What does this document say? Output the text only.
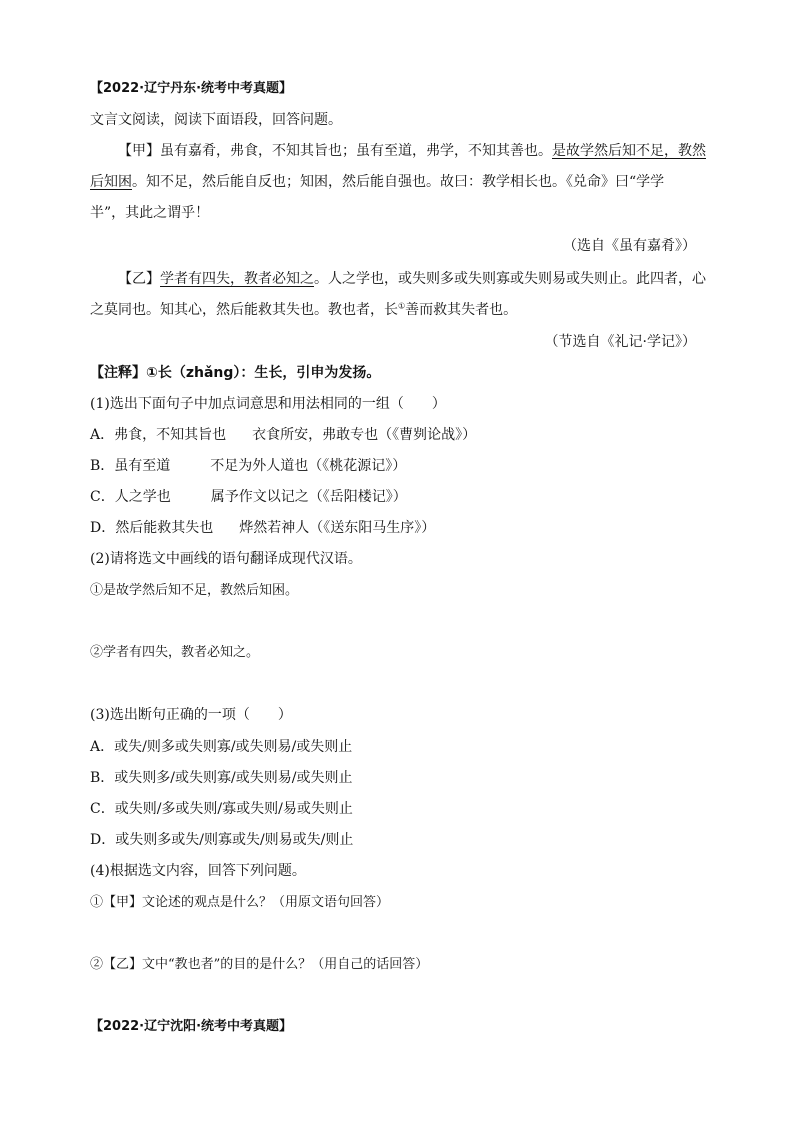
【2022·辽宁丹东·统考中考真题】
文言文阅读，阅读下面语段，回答问题。
【甲】虽有嘉肴，弗食，不知其旨也；虽有至道，弗学，不知其善也。是故学然后知不足，教然
后知困。知不足，然后能自反也；知困，然后能自强也。故曰：教学相长也。《兑命》曰“学学
半”，其此之谓乎！
（选自《虽有嘉肴》）
【乙】学者有四失，教者必知之。人之学也，或失则多或失则寡或失则易或失则止。此四者，心
之莫同也。知其心，然后能救其失也。教也者，长①善而救其失者也。
（节选自《礼记·学记》）
【注释】①长（zhǎng）：生长，引申为发扬。
(1)选出下面句子中加点词意思和用法相同的一组（　　）
A．弗食，不知其旨也 衣食所安，弗敢专也（《曹刿论战》）
B．虽有至道	不足为外人道也（《桃花源记》）
C．人之学也	属予作文以记之（《岳阳楼记》）
D．然后能救其失也 烨然若神人（《送东阳马生序》）
(2)请将选文中画线的语句翻译成现代汉语。
①是故学然后知不足，教然后知困。
②学者有四失，教者必知之。
(3)选出断句正确的一项（　　）
A．或失/则多或失则寡/或失则易/或失则止
B．或失则多/或失则寡/或失则易/或失则止
C．或失则/多或失则/寡或失则/易或失则止
D．或失则多或失/则寡或失/则易或失/则止
(4)根据选文内容，回答下列问题。
①【甲】文论述的观点是什么？（用原文语句回答）
②【乙】文中“教也者”的目的是什么？（用自己的话回答）
【2022·辽宁沈阳·统考中考真题】
